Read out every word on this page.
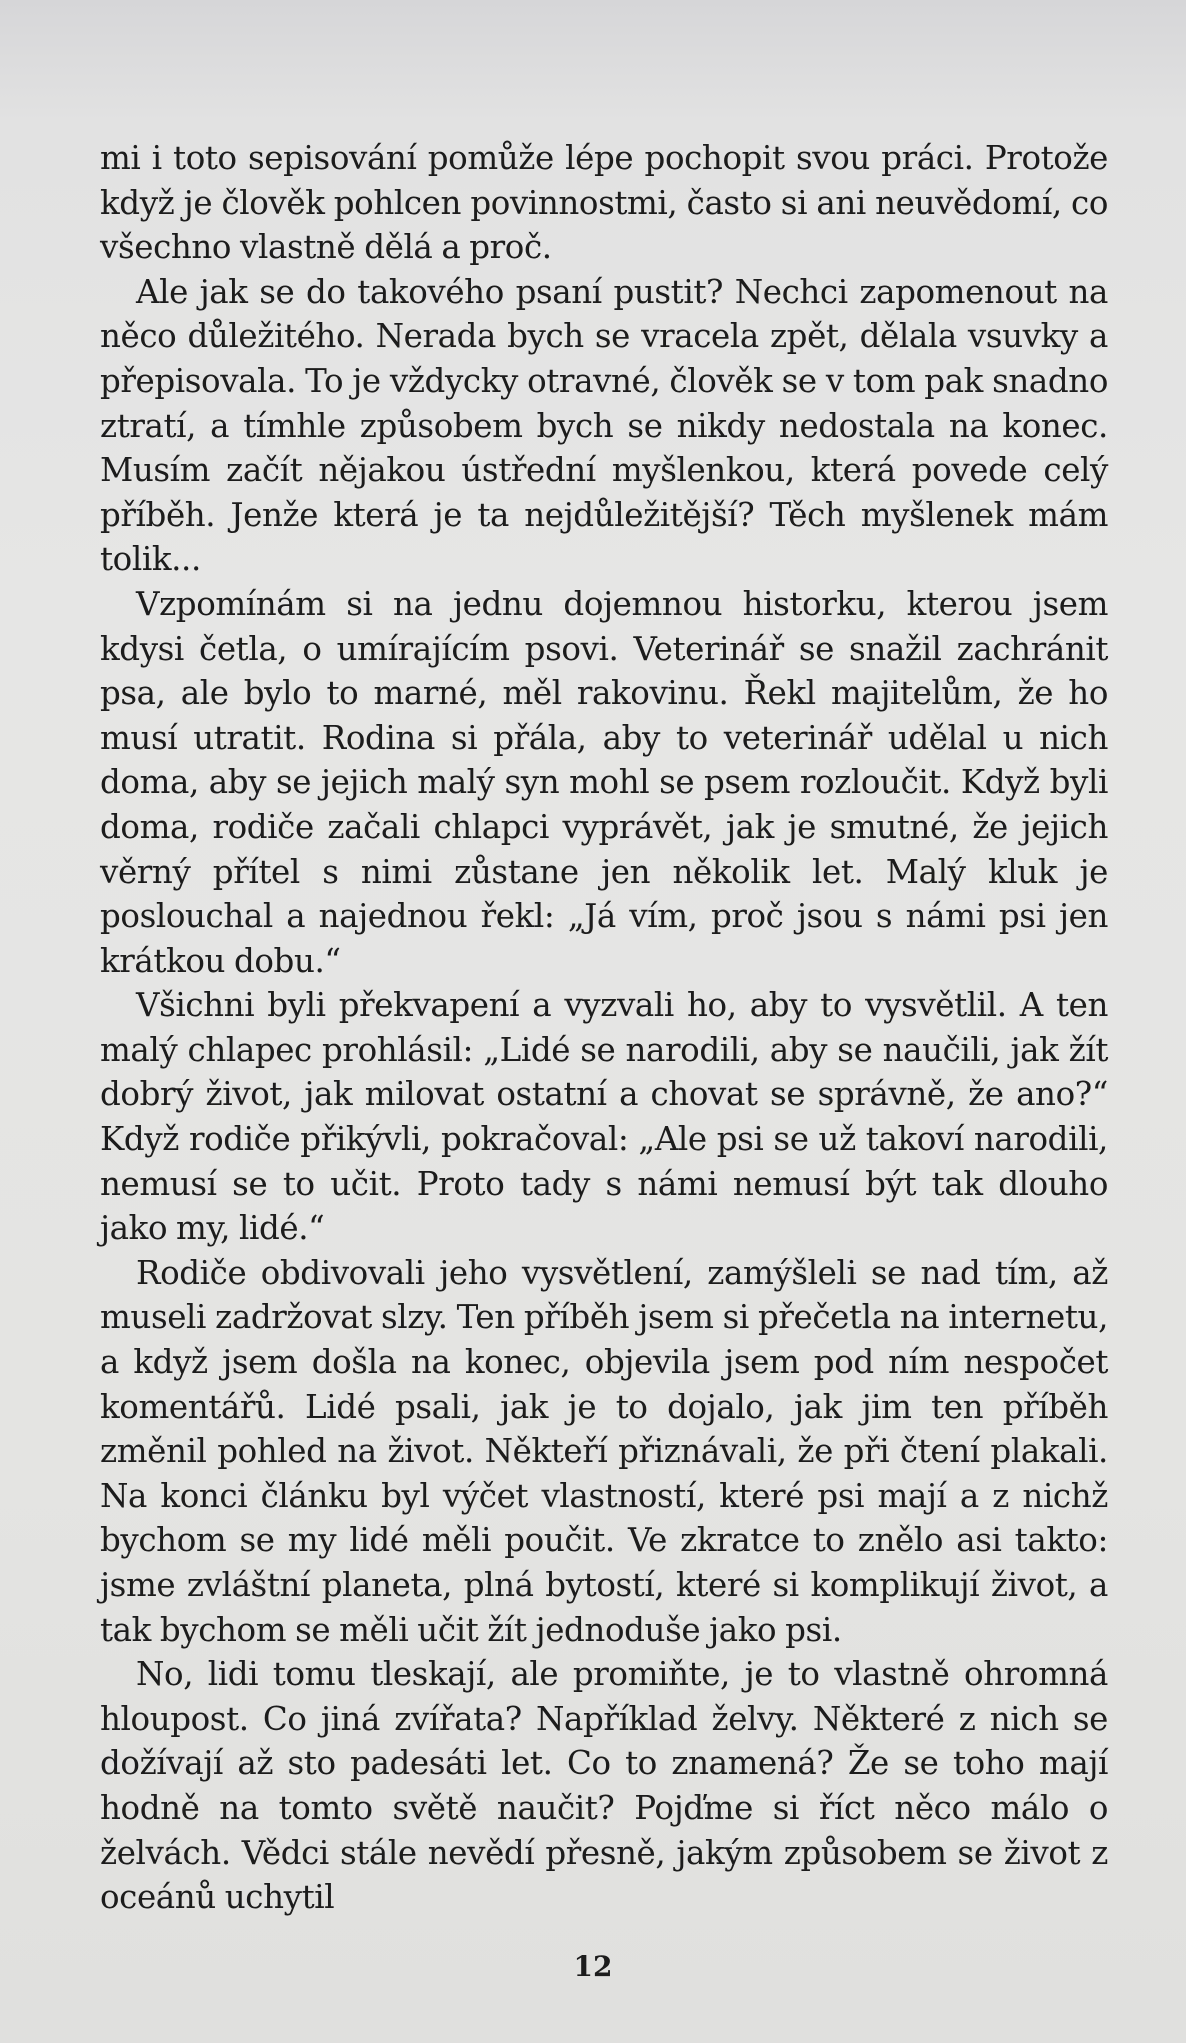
mi i toto sepisování pomůže lépe pochopit svou práci. Protože když je člověk pohlcen povinnostmi, často si ani neuvědomí, co všechno vlastně dělá a proč.

Ale jak se do takového psaní pustit? Nechci zapomenout na něco důležitého. Nerada bych se vracela zpět, dělala vsuvky a přepisovala. To je vždycky otravné, člověk se v tom pak snadno ztratí, a tímhle způsobem bych se nikdy nedostala na konec. Musím začít nějakou ústřední myšlenkou, která povede celý příběh. Jenže která je ta nejdůležitější? Těch myšlenek mám tolik...

Vzpomínám si na jednu dojemnou historku, kterou jsem kdysi četla, o umírajícím psovi. Veterinář se snažil zachránit psa, ale bylo to marné, měl rakovinu. Řekl majitelům, že ho musí utratit. Rodina si přála, aby to veterinář udělal u nich doma, aby se jejich malý syn mohl se psem rozloučit. Když byli doma, rodiče začali chlapci vyprávět, jak je smutné, že jejich věrný přítel s nimi zůstane jen několik let. Malý kluk je poslouchal a najednou řekl: „Já vím, proč jsou s námi psi jen krátkou dobu.“

Všichni byli překvapení a vyzvali ho, aby to vysvětlil. A ten malý chlapec prohlásil: „Lidé se narodili, aby se naučili, jak žít dobrý život, jak milovat ostatní a chovat se správně, že ano?“ Když rodiče přikývli, pokračoval: „Ale psi se už takoví narodili, nemusí se to učit. Proto tady s námi nemusí být tak dlouho jako my, lidé.“

Rodiče obdivovali jeho vysvětlení, zamýšleli se nad tím, až museli zadržovat slzy. Ten příběh jsem si přečetla na internetu, a když jsem došla na konec, objevila jsem pod ním nespočet komentářů. Lidé psali, jak je to dojalo, jak jim ten příběh změnil pohled na život. Někteří přiznávali, že při čtení plakali. Na konci článku byl výčet vlastností, které psi mají a z nichž bychom se my lidé měli poučit. Ve zkratce to znělo asi takto: jsme zvláštní planeta, plná bytostí, které si komplikují život, a tak bychom se měli učit žít jednoduše jako psi.

No, lidi tomu tleskají, ale promiňte, je to vlastně ohromná hloupost. Co jiná zvířata? Například želvy. Některé z nich se dožívají až sto padesáti let. Co to znamená? Že se toho mají hodně na tomto světě naučit? Pojďme si říct něco málo o želvách. Vědci stále nevědí přesně, jakým způsobem se život z oceánů uchytil

12
